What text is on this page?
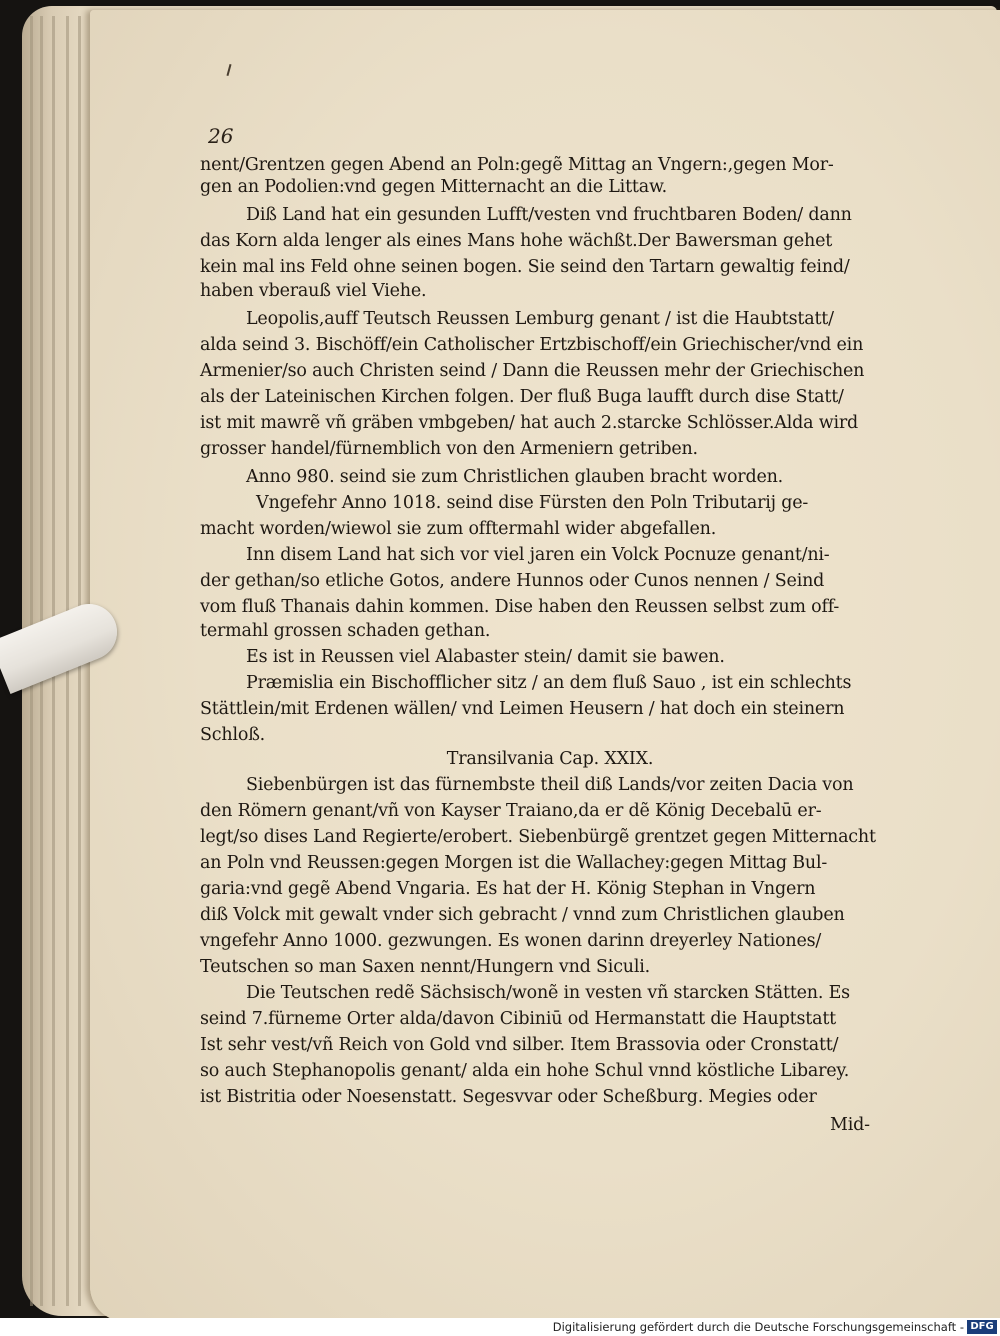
26
nent/Grentzen gegen Abend an Poln:gegẽ Mittag an Vngern:,gegen Mor-
gen an Podolien:vnd gegen Mitternacht an die Littaw.
Diß Land hat ein gesunden Lufft/vesten vnd fruchtbaren Boden/ dann
das Korn alda lenger als eines Mans hohe wächßt.Der Bawersman gehet
kein mal ins Feld ohne seinen bogen. Sie seind den Tartarn gewaltig feind/
haben vberauß viel Viehe.
Leopolis,auff Teutsch Reussen Lemburg genant / ist die Haubtstatt/
alda seind 3. Bischöff/ein Catholischer Ertzbischoff/ein Griechischer/vnd ein
Armenier/so auch Christen seind / Dann die Reussen mehr der Griechischen
als der Lateinischen Kirchen folgen. Der fluß Buga laufft durch dise Statt/
ist mit mawrẽ vñ gräben vmbgeben/ hat auch 2.starcke Schlösser.Alda wird
grosser handel/fürnemblich von den Armeniern getriben.
Anno 980. seind sie zum Christlichen glauben bracht worden.
Vngefehr Anno 1018. seind dise Fürsten den Poln Tributarij ge-
macht worden/wiewol sie zum offtermahl wider abgefallen.
Inn disem Land hat sich vor viel jaren ein Volck Pocnuze genant/ni-
der gethan/so etliche Gotos, andere Hunnos oder Cunos nennen / Seind
vom fluß Thanais dahin kommen. Dise haben den Reussen selbst zum off-
termahl grossen schaden gethan.
Es ist in Reussen viel Alabaster stein/ damit sie bawen.
Præmislia ein Bischofflicher sitz / an dem fluß Sauo , ist ein schlechts
Stättlein/mit Erdenen wällen/ vnd Leimen Heusern / hat doch ein steinern
Schloß.
Transilvania Cap. XXIX.
Siebenbürgen ist das fürnembste theil diß Lands/vor zeiten Dacia von
den Römern genant/vñ von Kayser Traiano,da er dẽ König Decebalū er-
legt/so dises Land Regierte/erobert. Siebenbürgẽ grentzet gegen Mitternacht
an Poln vnd Reussen:gegen Morgen ist die Wallachey:gegen Mittag Bul-
garia:vnd gegẽ Abend Vngaria. Es hat der H. König Stephan in Vngern
diß Volck mit gewalt vnder sich gebracht / vnnd zum Christlichen glauben
vngefehr Anno 1000. gezwungen. Es wonen darinn dreyerley Nationes/
Teutschen so man Saxen nennt/Hungern vnd Siculi.
Die Teutschen redẽ Sächsisch/wonẽ in vesten vñ starcken Stätten. Es
seind 7.fürneme Orter alda/davon Cibiniū od Hermanstatt die Hauptstatt
Ist sehr vest/vñ Reich von Gold vnd silber. Item Brassovia oder Cronstatt/
so auch Stephanopolis genant/ alda ein hohe Schul vnnd köstliche Libarey.
ist Bistritia oder Noesenstatt. Segesvvar oder Scheßburg. Megies oder
Mid-
Digitalisierung gefördert durch die Deutsche Forschungsgemeinschaft - DFG
